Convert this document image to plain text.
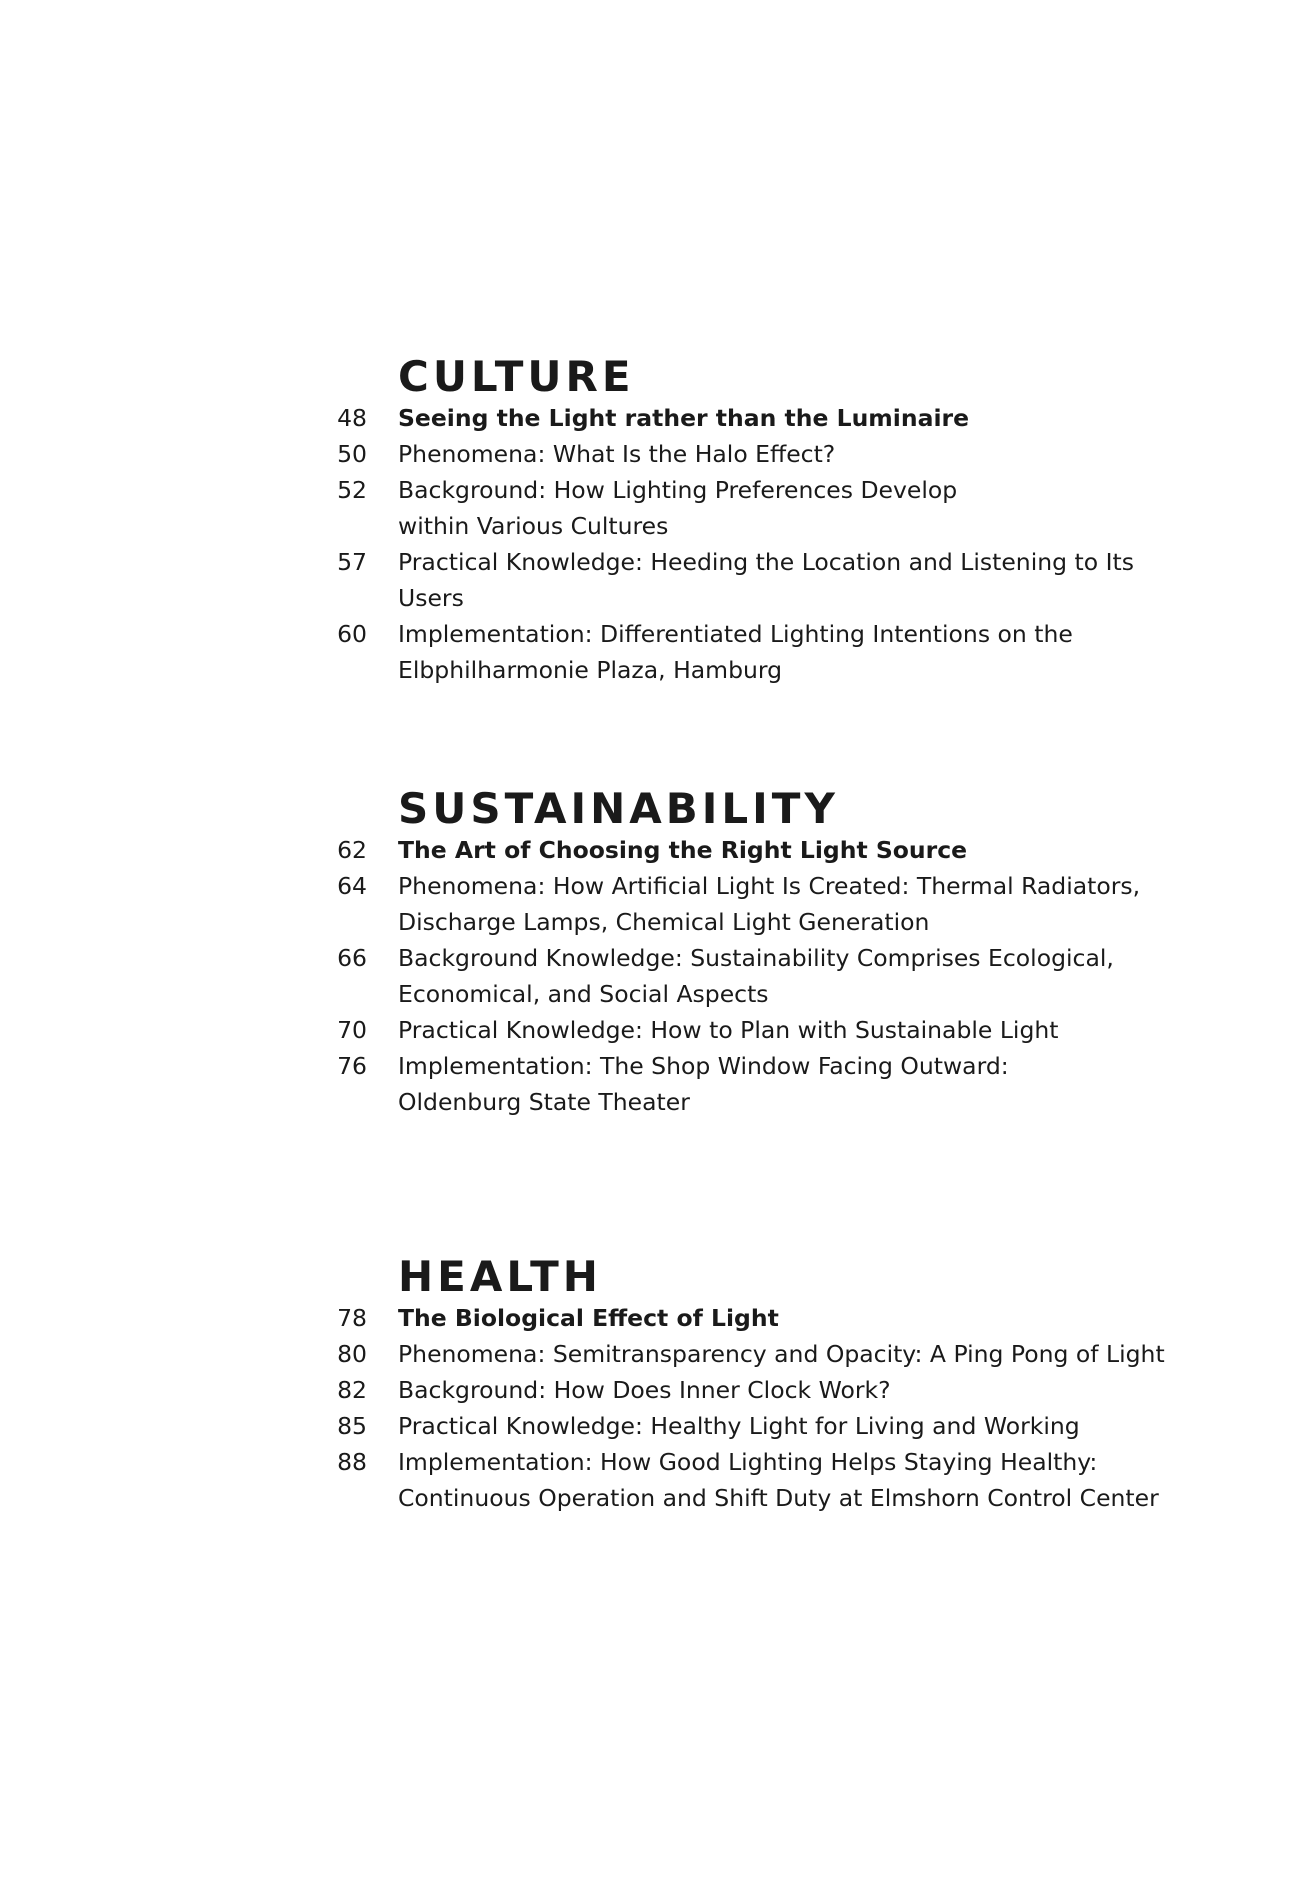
CULTURE
48 Seeing the Light rather than the Luminaire
50 Phenomena: What Is the Halo Effect?
52 Background: How Lighting Preferences Develop
within Various Cultures
57 Practical Knowledge: Heeding the Location and Listening to Its Users
60 Implementation: Differentiated Lighting Intentions on the
Elbphilharmonie Plaza, Hamburg
SUSTAINABILITY
62 The Art of Choosing the Right Light Source
64 Phenomena: How Artificial Light Is Created: Thermal Radiators,
Discharge Lamps, Chemical Light Generation
66 Background Knowledge: Sustainability Comprises Ecological,
Economical, and Social Aspects
70 Practical Knowledge: How to Plan with Sustainable Light
76 Implementation: The Shop Window Facing Outward:
Oldenburg State Theater
HEALTH
78 The Biological Effect of Light
80 Phenomena: Semitransparency and Opacity: A Ping Pong of Light
82 Background: How Does Inner Clock Work?
85 Practical Knowledge: Healthy Light for Living and Working
88 Implementation: How Good Lighting Helps Staying Healthy:
Continuous Operation and Shift Duty at Elmshorn Control Center
